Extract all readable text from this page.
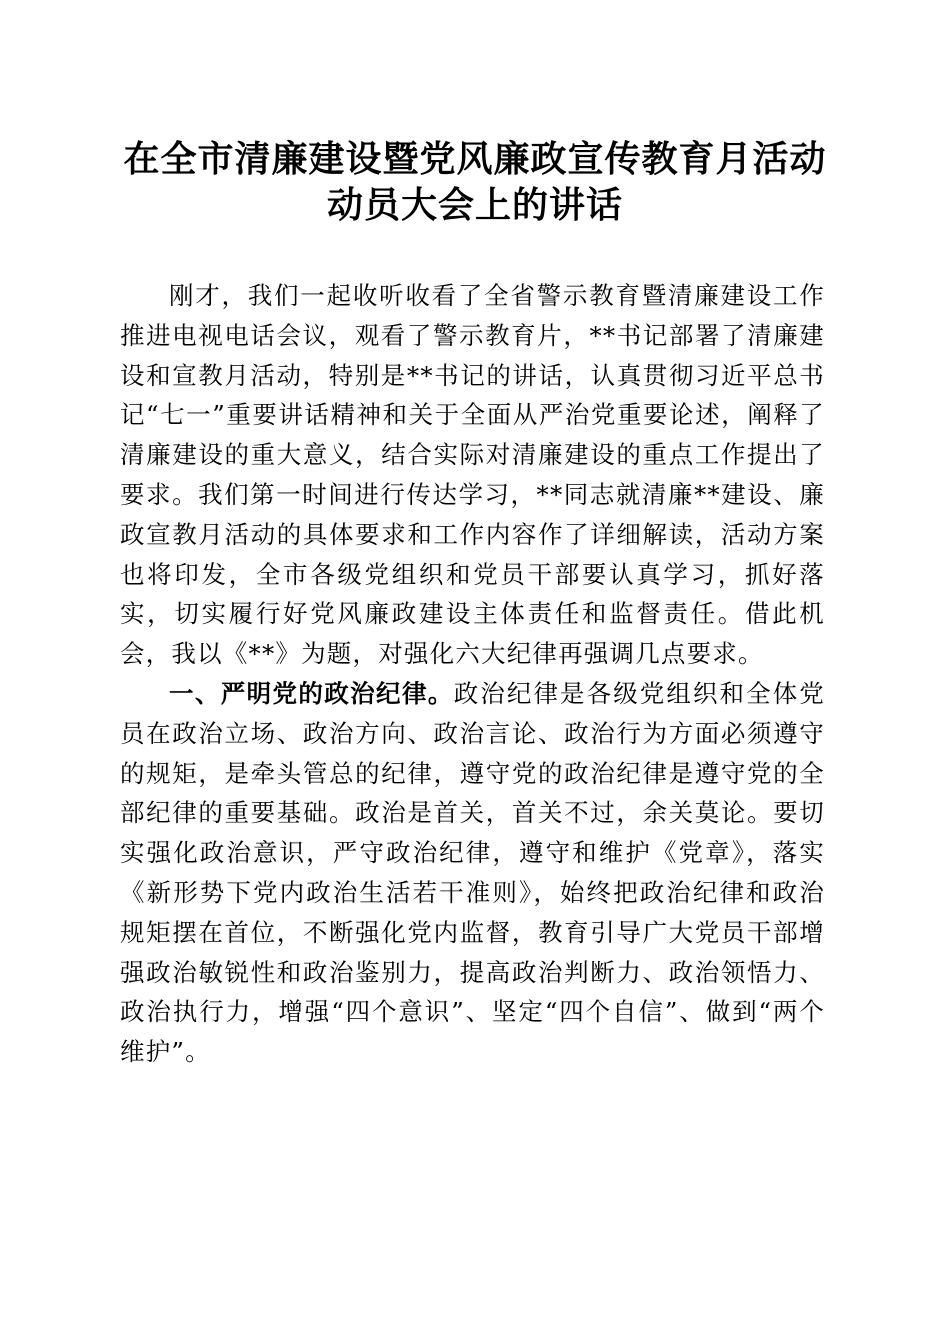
在全市清廉建设暨党风廉政宣传教育月活动动员大会上的讲话

刚才，我们一起收听收看了全省警示教育暨清廉建设工作推进电视电话会议，观看了警示教育片，**书记部署了清廉建设和宣教月活动，特别是**书记的讲话，认真贯彻习近平总书记“七一”重要讲话精神和关于全面从严治党重要论述，阐释了清廉建设的重大意义，结合实际对清廉建设的重点工作提出了要求。我们第一时间进行传达学习，**同志就清廉**建设、廉政宣教月活动的具体要求和工作内容作了详细解读，活动方案也将印发，全市各级党组织和党员干部要认真学习，抓好落实，切实履行好党风廉政建设主体责任和监督责任。借此机会，我以《**》为题，对强化六大纪律再强调几点要求。

一、严明党的政治纪律。政治纪律是各级党组织和全体党员在政治立场、政治方向、政治言论、政治行为方面必须遵守的规矩，是牵头管总的纪律，遵守党的政治纪律是遵守党的全部纪律的重要基础。政治是首关，首关不过，余关莫论。要切实强化政治意识，严守政治纪律，遵守和维护《党章》，落实《新形势下党内政治生活若干准则》，始终把政治纪律和政治规矩摆在首位，不断强化党内监督，教育引导广大党员干部增强政治敏锐性和政治鉴别力，提高政治判断力、政治领悟力、政治执行力，增强“四个意识”、坚定“四个自信”、做到“两个维护”。
